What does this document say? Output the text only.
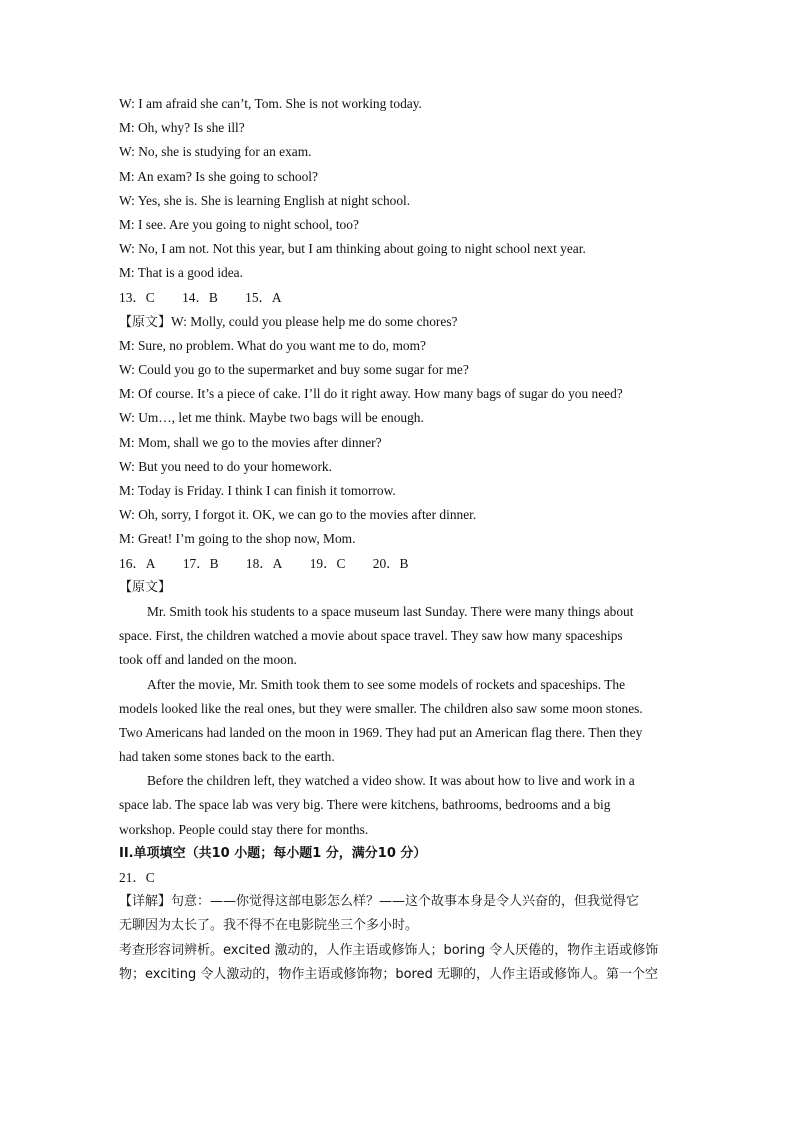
W: I am afraid she can’t, Tom. She is not working today.
M: Oh, why? Is she ill?
W: No, she is studying for an exam.
M: An exam? Is she going to school?
W: Yes, she is. She is learning English at night school.
M: I see. Are you going to night school, too?
W: No, I am not. Not this year, but I am thinking about going to night school next year.
M: That is a good idea.
13．C 14．B 15．A
【原文】W: Molly, could you please help me do some chores?
M: Sure, no problem. What do you want me to do, mom?
W: Could you go to the supermarket and buy some sugar for me?
M: Of course. It’s a piece of cake. I’ll do it right away. How many bags of sugar do you need?
W: Um…, let me think. Maybe two bags will be enough.
M: Mom, shall we go to the movies after dinner?
W: But you need to do your homework.
M: Today is Friday. I think I can finish it tomorrow.
W: Oh, sorry, I forgot it. OK, we can go to the movies after dinner.
M: Great! I’m going to the shop now, Mom.
16．A 17．B 18．A 19．C 20．B
【原文】
Mr. Smith took his students to a space museum last Sunday. There were many things about
space. First, the children watched a movie about space travel. They saw how many spaceships
took off and landed on the moon.
After the movie, Mr. Smith took them to see some models of rockets and spaceships. The
models looked like the real ones, but they were smaller. The children also saw some moon stones.
Two Americans had landed on the moon in 1969. They had put an American flag there. Then they
had taken some stones back to the earth.
Before the children left, they watched a video show. It was about how to live and work in a
space lab. The space lab was very big. There were kitchens, bathrooms, bedrooms and a big
workshop. People could stay there for months.
II.单项填空（共10 小题；每小题1 分，满分10 分）
21．C
【详解】句意：——你觉得这部电影怎么样？——这个故事本身是令人兴奋的，但我觉得它
无聊因为太长了。我不得不在电影院坐三个多小时。
考查形容词辨析。excited 激动的，人作主语或修饰人；boring 令人厌倦的，物作主语或修饰
物；exciting 令人激动的，物作主语或修饰物；bored 无聊的，人作主语或修饰人。第一个空
